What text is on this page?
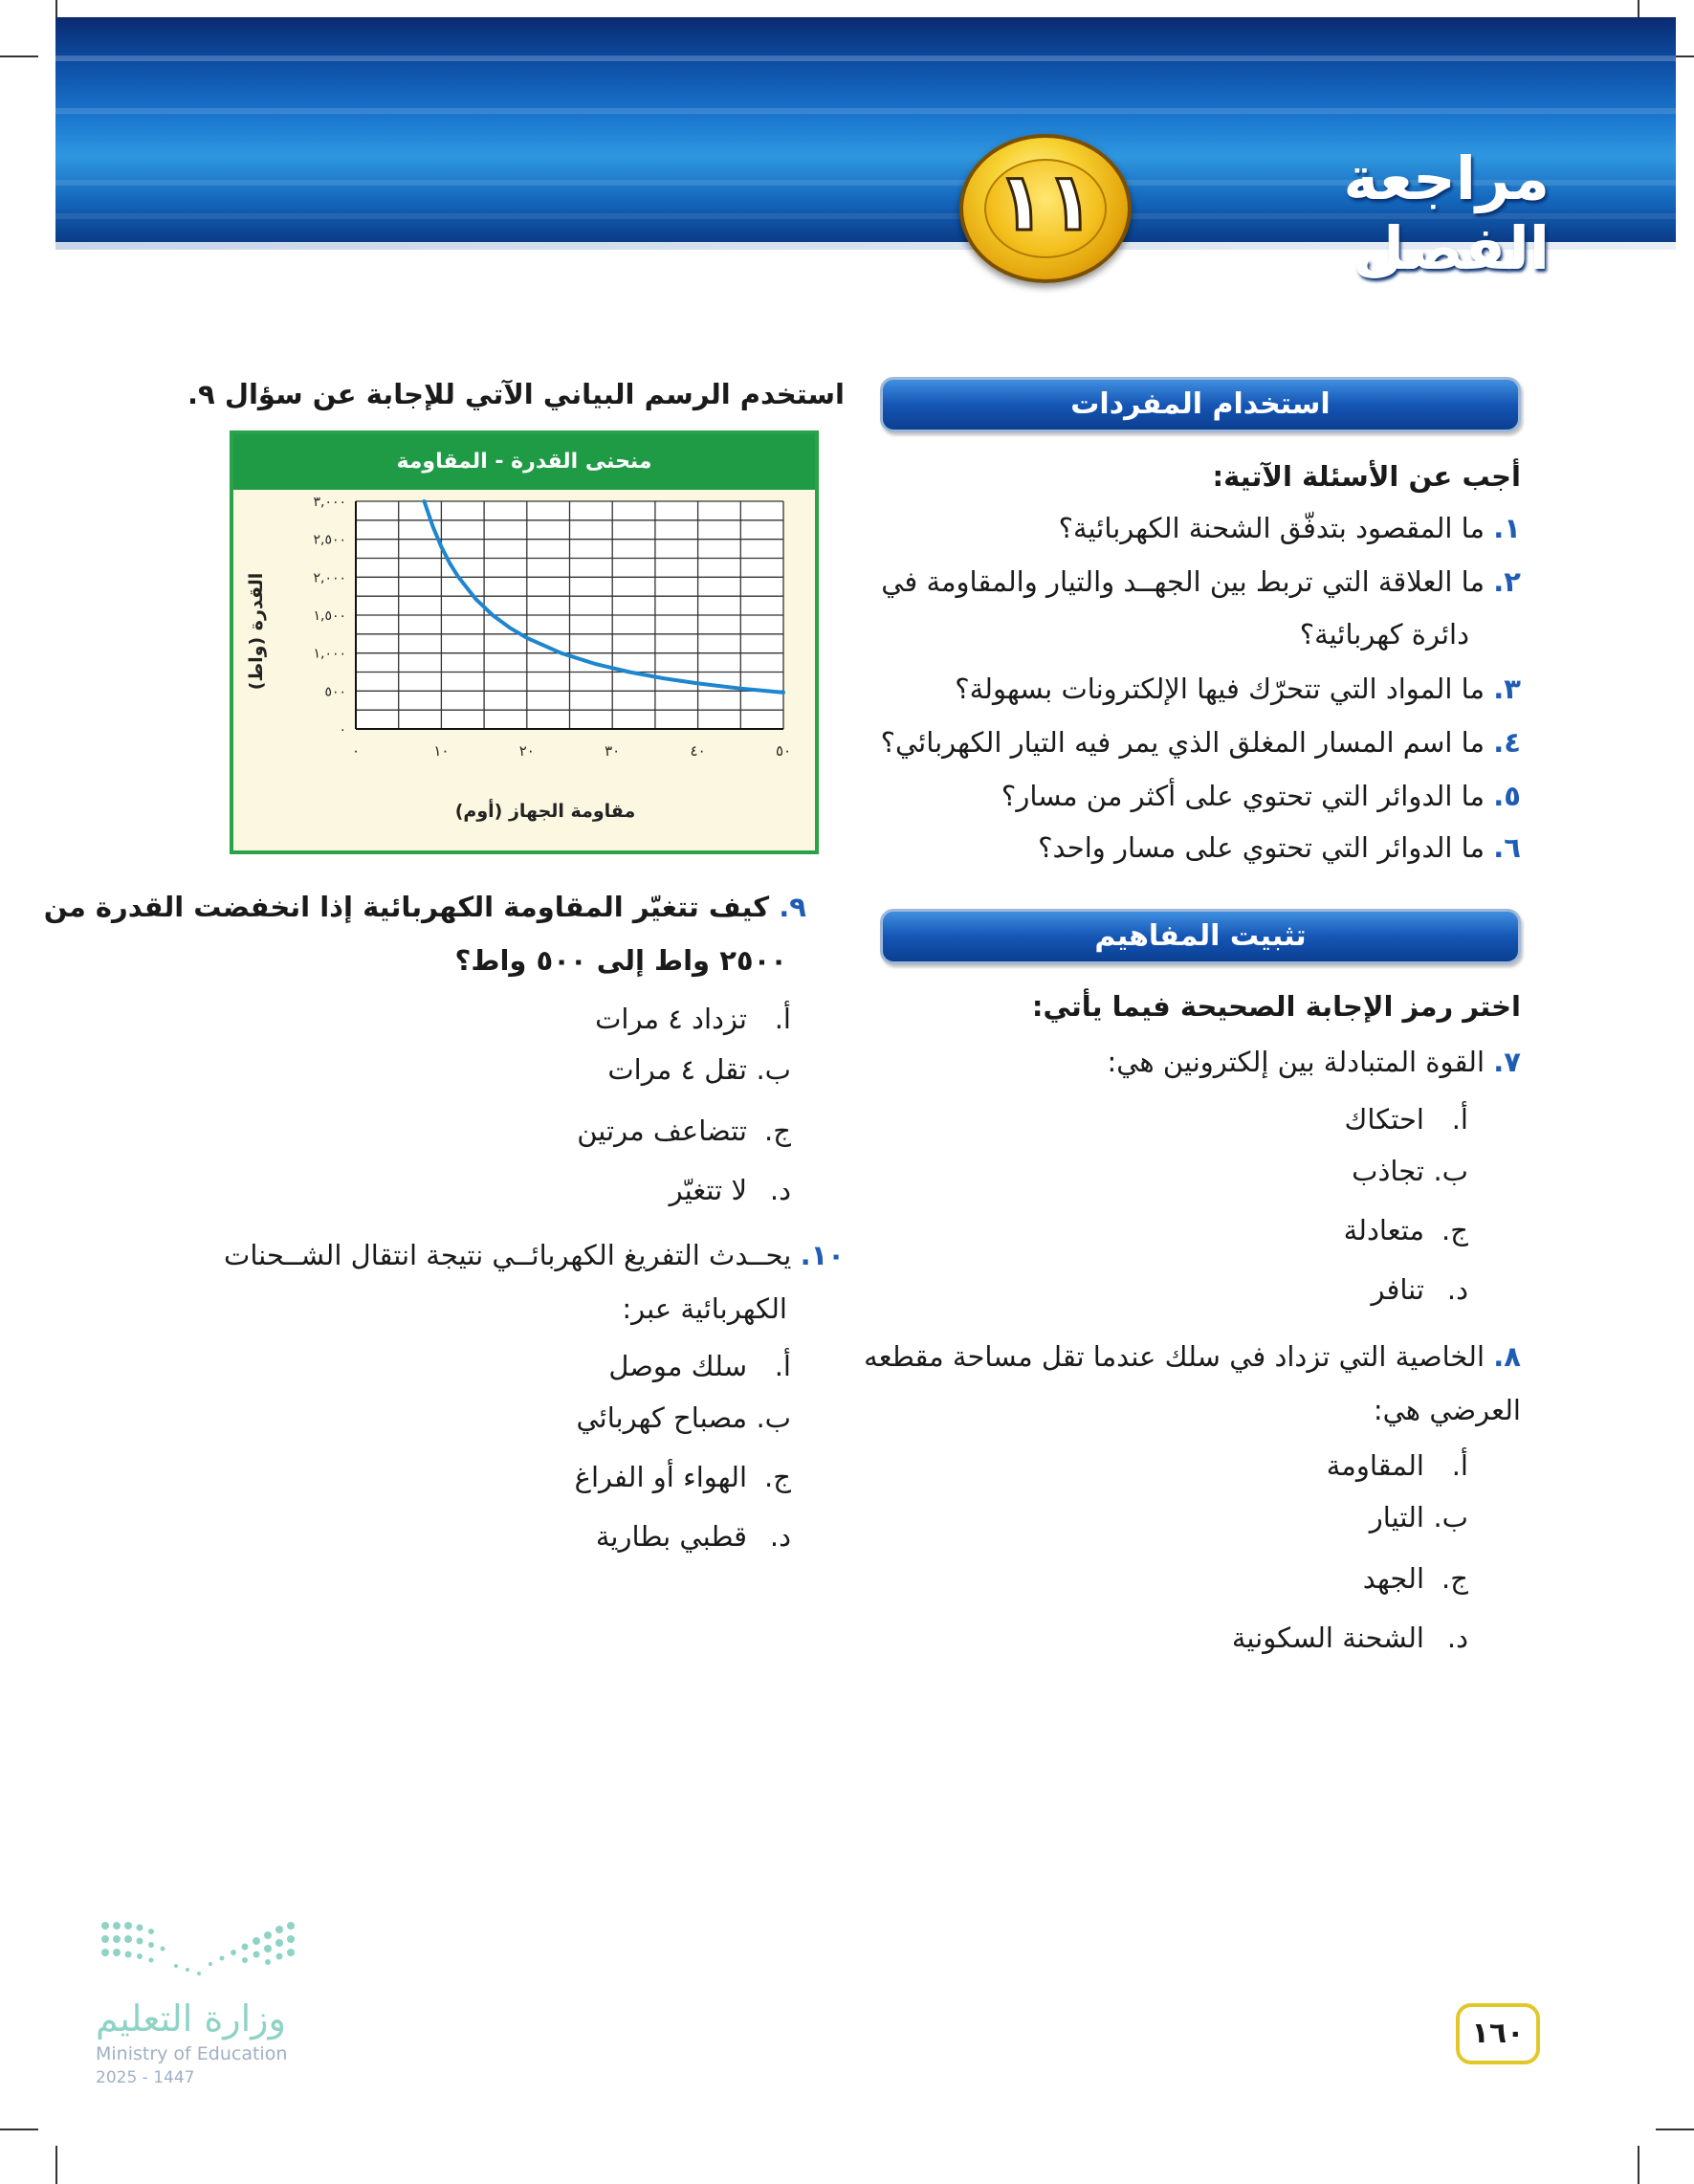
مراجعة الفصل
١١
استخدام المفردات
أجب عن الأسئلة الآتية:
١. ما المقصود بتدفّق الشحنة الكهربائية؟
٢. ما العلاقة التي تربط بين الجهــد والتيار والمقاومة في
دائرة كهربائية؟
٣. ما المواد التي تتحرّك فيها الإلكترونات بسهولة؟
٤. ما اسم المسار المغلق الذي يمر فيه التيار الكهربائي؟
٥. ما الدوائر التي تحتوي على أكثر من مسار؟
٦. ما الدوائر التي تحتوي على مسار واحد؟
تثبيت المفاهيم
اختر رمز الإجابة الصحيحة فيما يأتي:
٧. القوة المتبادلة بين إلكترونين هي:
أ.احتكاك
ب.تجاذب
ج.متعادلة
د.تنافر
٨. الخاصية التي تزداد في سلك عندما تقل مساحة مقطعه
العرضي هي:
أ.المقاومة
ب.التيار
ج.الجهد
د.الشحنة السكونية
استخدم الرسم البياني الآتي للإجابة عن سؤال ٩.
منحنى القدرة - المقاومة
٠	١٠	٢٠	٣٠	٤٠	٥٠
٠
٥٠٠
١,٠٠٠
١,٥٠٠
٢,٠٠٠
٢,٥٠٠
٣,٠٠٠
مقاومة الجهاز (أوم)
القدرة (واط)
٩. كيف تتغيّر المقاومة الكهربائية إذا انخفضت القدرة من
٢٥٠٠ واط إلى ٥٠٠ واط؟
أ.تزداد ٤ مرات
ب.تقل ٤ مرات
ج.تتضاعف مرتين
د.لا تتغيّر
١٠. يحــدث التفريغ الكهربائــي نتيجة انتقال الشــحنات
الكهربائية عبر:
أ.سلك موصل
ب.مصباح كهربائي
ج.الهواء أو الفراغ
د.قطبي بطارية
١٦٠
وزارة التعليم
Ministry of Education
2025 - 1447
